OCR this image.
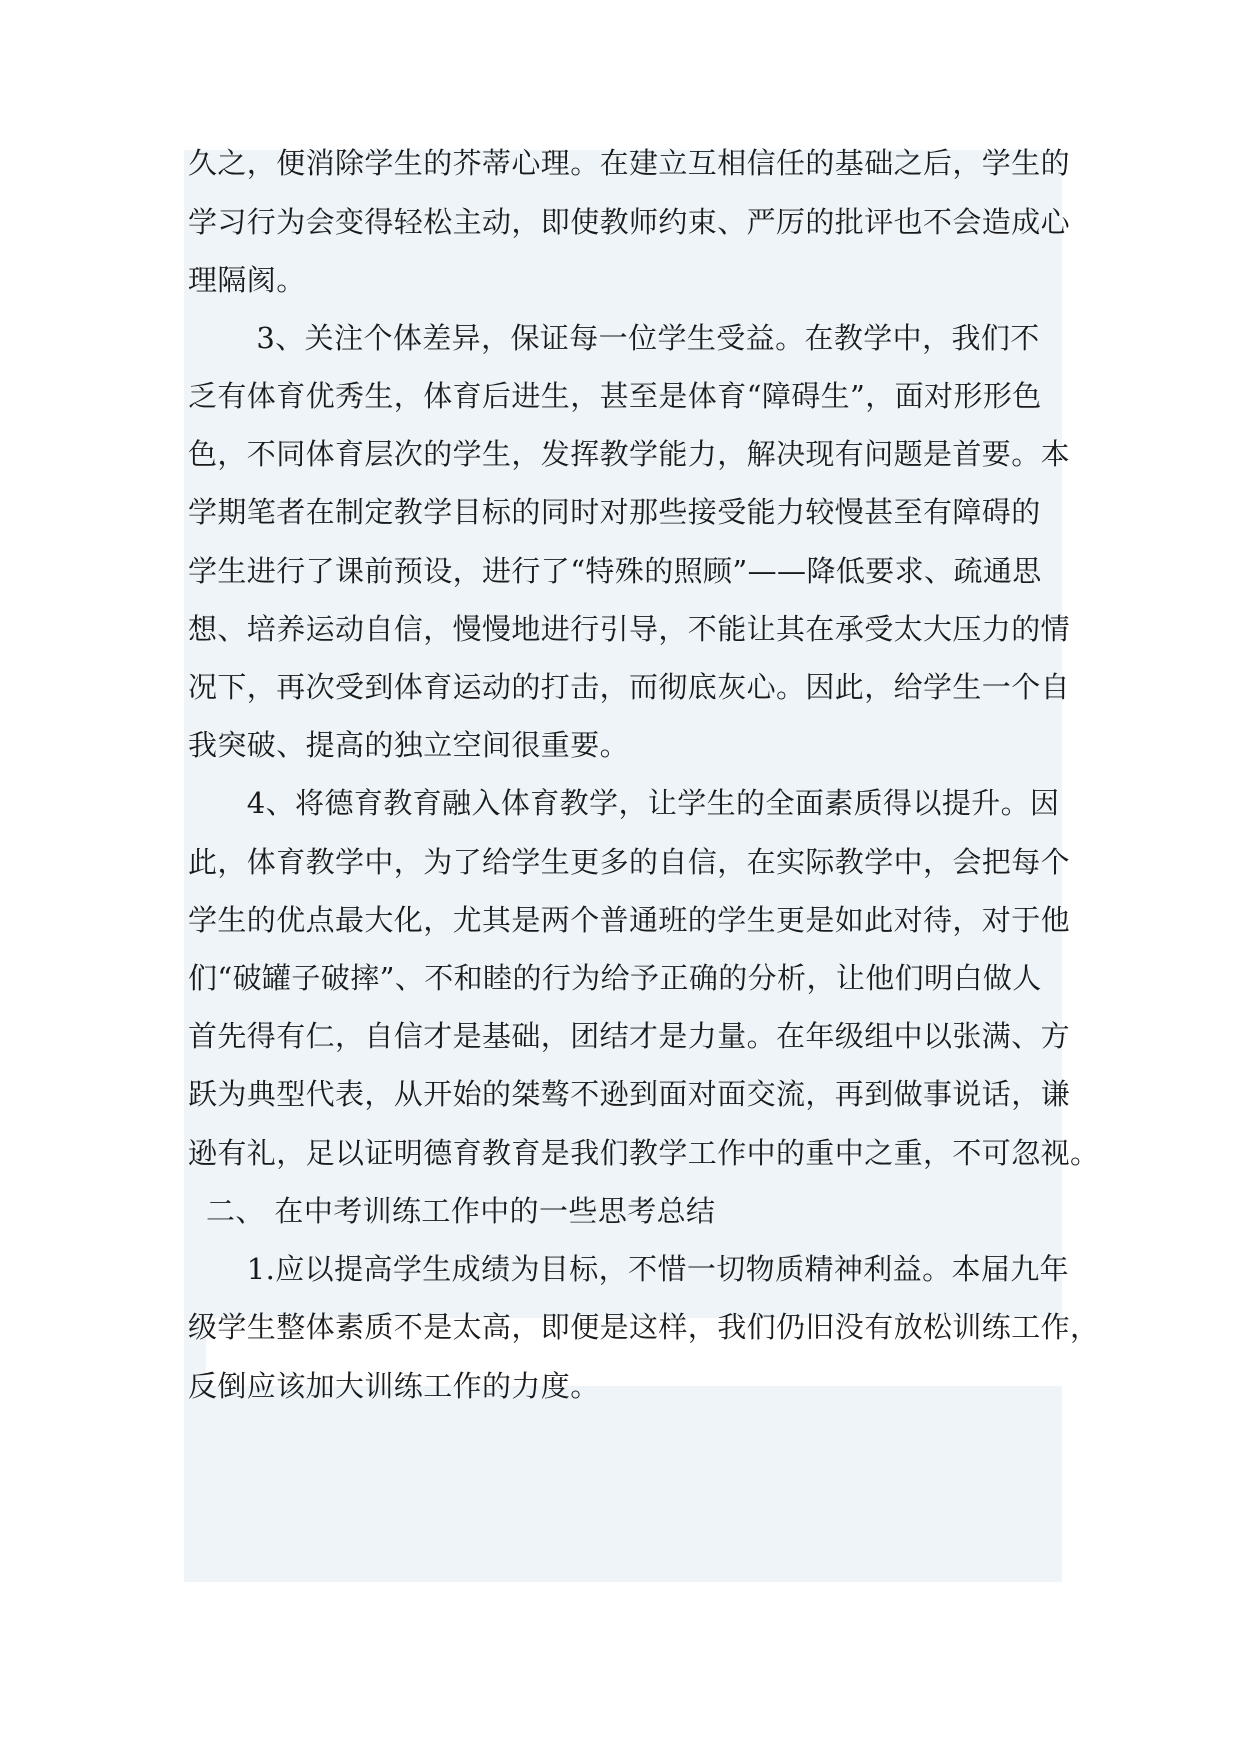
久之，便消除学生的芥蒂心理。在建立互相信任的基础之后，学生的
学习行为会变得轻松主动，即使教师约束、严厉的批评也不会造成心
理隔阂。
　　 3、关注个体差异，保证每一位学生受益。在教学中，我们不
乏有体育优秀生，体育后进生，甚至是体育“障碍生”，面对形形色
色，不同体育层次的学生，发挥教学能力，解决现有问题是首要。本
学期笔者在制定教学目标的同时对那些接受能力较慢甚至有障碍的
学生进行了课前预设，进行了“特殊的照顾”——降低要求、疏通思
想、培养运动自信，慢慢地进行引导，不能让其在承受太大压力的情
况下，再次受到体育运动的打击，而彻底灰心。因此，给学生一个自
我突破、提高的独立空间很重要。
　　4、将德育教育融入体育教学，让学生的全面素质得以提升。因
此，体育教学中，为了给学生更多的自信，在实际教学中，会把每个
学生的优点最大化，尤其是两个普通班的学生更是如此对待，对于他
们“破罐子破摔”、不和睦的行为给予正确的分析，让他们明白做人
首先得有仁，自信才是基础，团结才是力量。在年级组中以张满、方
跃为典型代表，从开始的桀骜不逊到面对面交流，再到做事说话，谦
逊有礼，足以证明德育教育是我们教学工作中的重中之重，不可忽视。
二、 在中考训练工作中的一些思考总结
　　1.应以提高学生成绩为目标，不惜一切物质精神利益。本届九年
级学生整体素质不是太高，即便是这样，我们仍旧没有放松训练工作，
反倒应该加大训练工作的力度。
